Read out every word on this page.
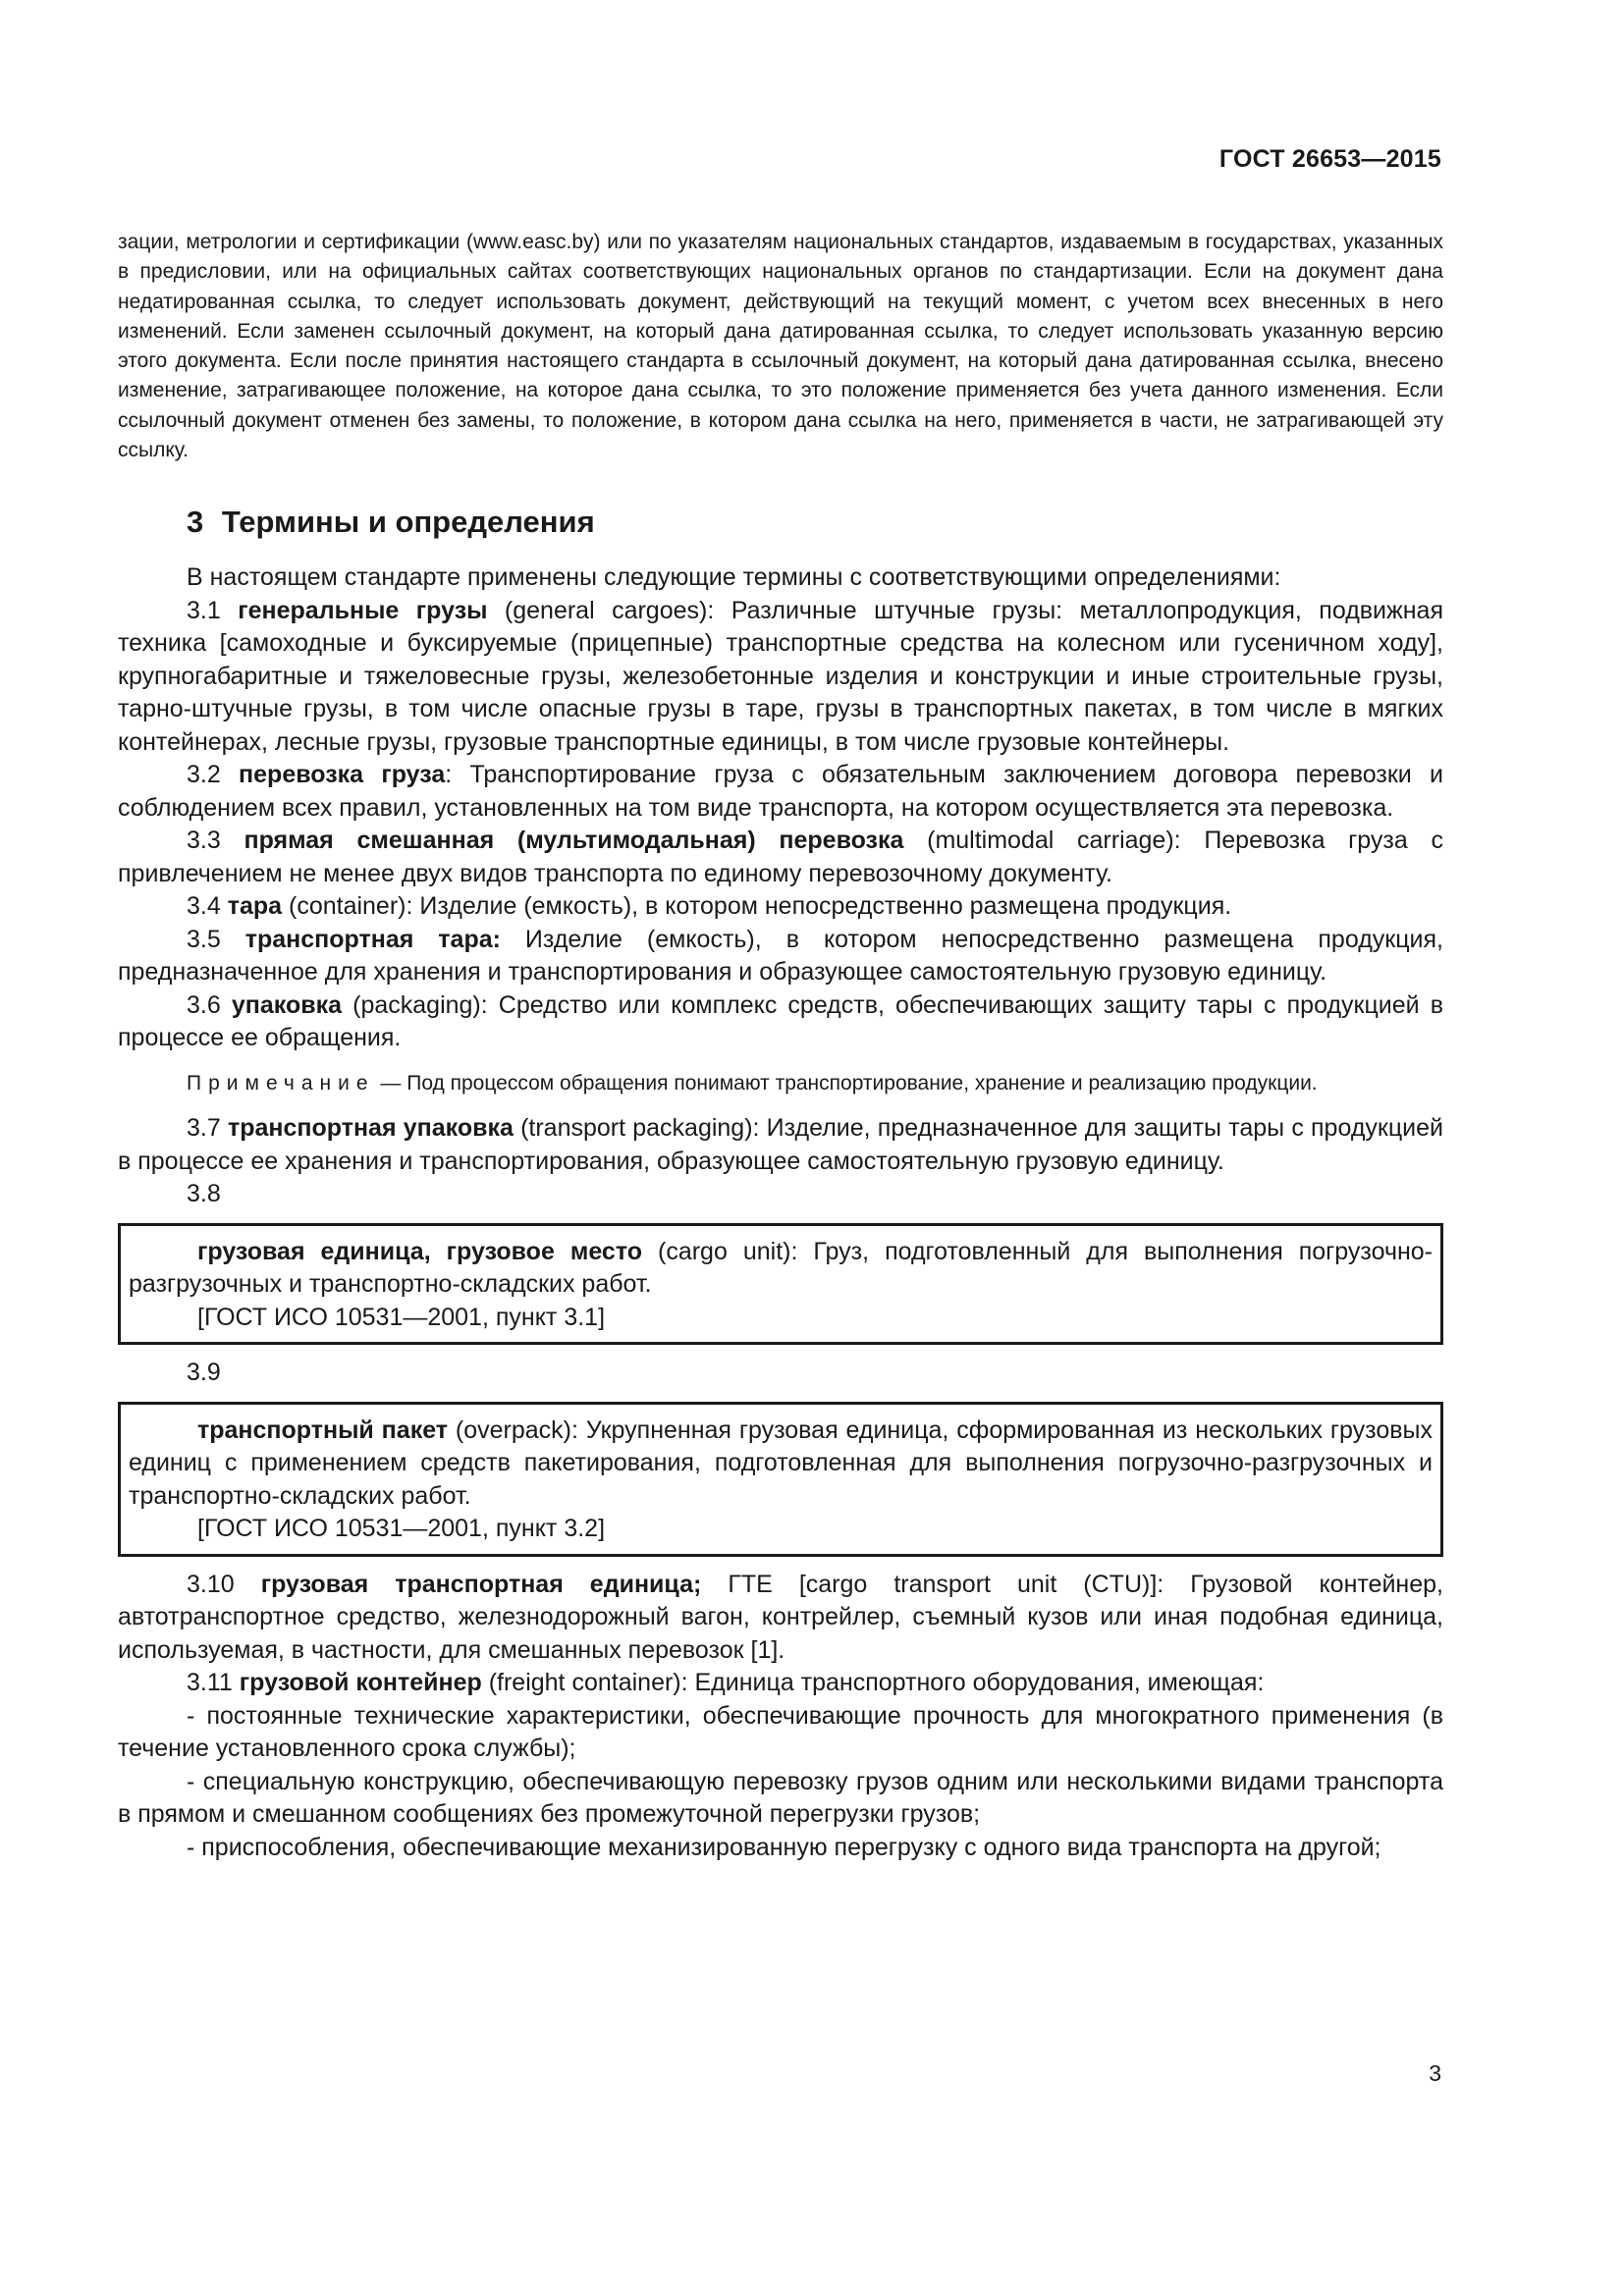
ГОСТ 26653—2015

зации, метрологии и сертификации (www.easc.by) или по указателям национальных стандартов, издаваемым в государствах, указанных в предисловии, или на официальных сайтах соответствующих национальных органов по стандартизации. Если на документ дана недатированная ссылка, то следует использовать документ, действующий на текущий момент, с учетом всех внесенных в него изменений. Если заменен ссылочный документ, на который дана датированная ссылка, то следует использовать указанную версию этого документа. Если после принятия настоящего стандарта в ссылочный документ, на который дана датированная ссылка, внесено изменение, затрагивающее положение, на которое дана ссылка, то это положение применяется без учета данного изменения. Если ссылочный документ отменен без замены, то положение, в котором дана ссылка на него, применяется в части, не затрагивающей эту ссылку.

3 Термины и определения

В настоящем стандарте применены следующие термины с соответствующими определениями:

3.1 генеральные грузы (general cargoes): Различные штучные грузы: металлопродукция, подвижная техника [самоходные и буксируемые (прицепные) транспортные средства на колесном или гусеничном ходу], крупногабаритные и тяжеловесные грузы, железобетонные изделия и конструкции и иные строительные грузы, тарно-штучные грузы, в том числе опасные грузы в таре, грузы в транспортных пакетах, в том числе в мягких контейнерах, лесные грузы, грузовые транспортные единицы, в том числе грузовые контейнеры.

3.2 перевозка груза: Транспортирование груза с обязательным заключением договора перевозки и соблюдением всех правил, установленных на том виде транспорта, на котором осуществляется эта перевозка.

3.3 прямая смешанная (мультимодальная) перевозка (multimodal carriage): Перевозка груза с привлечением не менее двух видов транспорта по единому перевозочному документу.

3.4 тара (container): Изделие (емкость), в котором непосредственно размещена продукция.

3.5 транспортная тара: Изделие (емкость), в котором непосредственно размещена продукция, предназначенное для хранения и транспортирования и образующее самостоятельную грузовую единицу.

3.6 упаковка (packaging): Средство или комплекс средств, обеспечивающих защиту тары с продукцией в процессе ее обращения.

Примечание — Под процессом обращения понимают транспортирование, хранение и реализацию продукции.

3.7 транспортная упаковка (transport packaging): Изделие, предназначенное для защиты тары с продукцией в процессе ее хранения и транспортирования, образующее самостоятельную грузовую единицу.

3.8

грузовая единица, грузовое место (cargo unit): Груз, подготовленный для выполнения погрузочно-разгрузочных и транспортно-складских работ.

[ГОСТ ИСО 10531—2001, пункт 3.1]

3.9

транспортный пакет (overpack): Укрупненная грузовая единица, сформированная из нескольких грузовых единиц с применением средств пакетирования, подготовленная для выполнения погрузочно-разгрузочных и транспортно-складских работ.

[ГОСТ ИСО 10531—2001, пункт 3.2]

3.10 грузовая транспортная единица; ГТЕ [cargo transport unit (CTU)]: Грузовой контейнер, автотранспортное средство, железнодорожный вагон, контрейлер, съемный кузов или иная подобная единица, используемая, в частности, для смешанных перевозок [1].

3.11 грузовой контейнер (freight container): Единица транспортного оборудования, имеющая:

- постоянные технические характеристики, обеспечивающие прочность для многократного применения (в течение установленного срока службы);

- специальную конструкцию, обеспечивающую перевозку грузов одним или несколькими видами транспорта в прямом и смешанном сообщениях без промежуточной перегрузки грузов;

- приспособления, обеспечивающие механизированную перегрузку с одного вида транспорта на другой;

3
